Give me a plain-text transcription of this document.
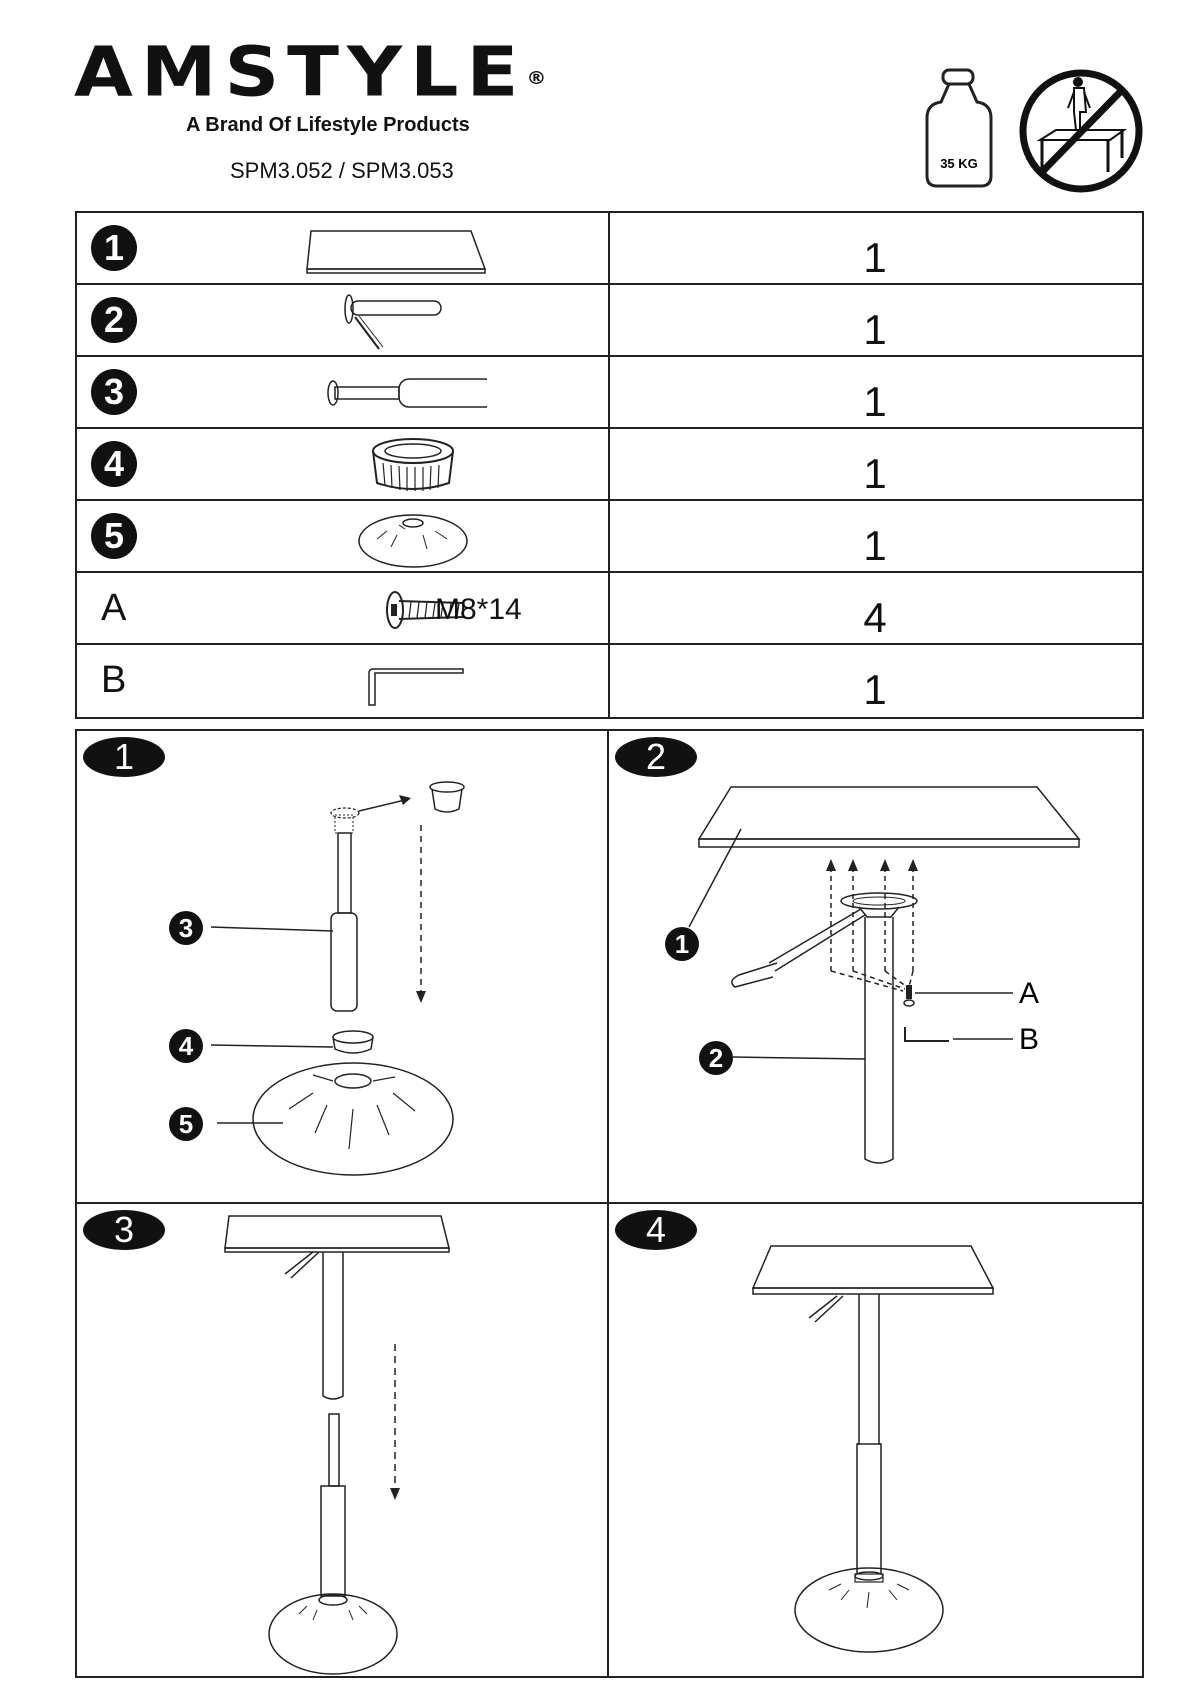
AMSTYLE®
A Brand Of Lifestyle Products
SPM3.052 / SPM3.053	35 KG
1	1
2	1
3	1
4	1
5	1
A	M8*14	4
B	1
1
3
4
5
A
B
2
1
2
3	4
